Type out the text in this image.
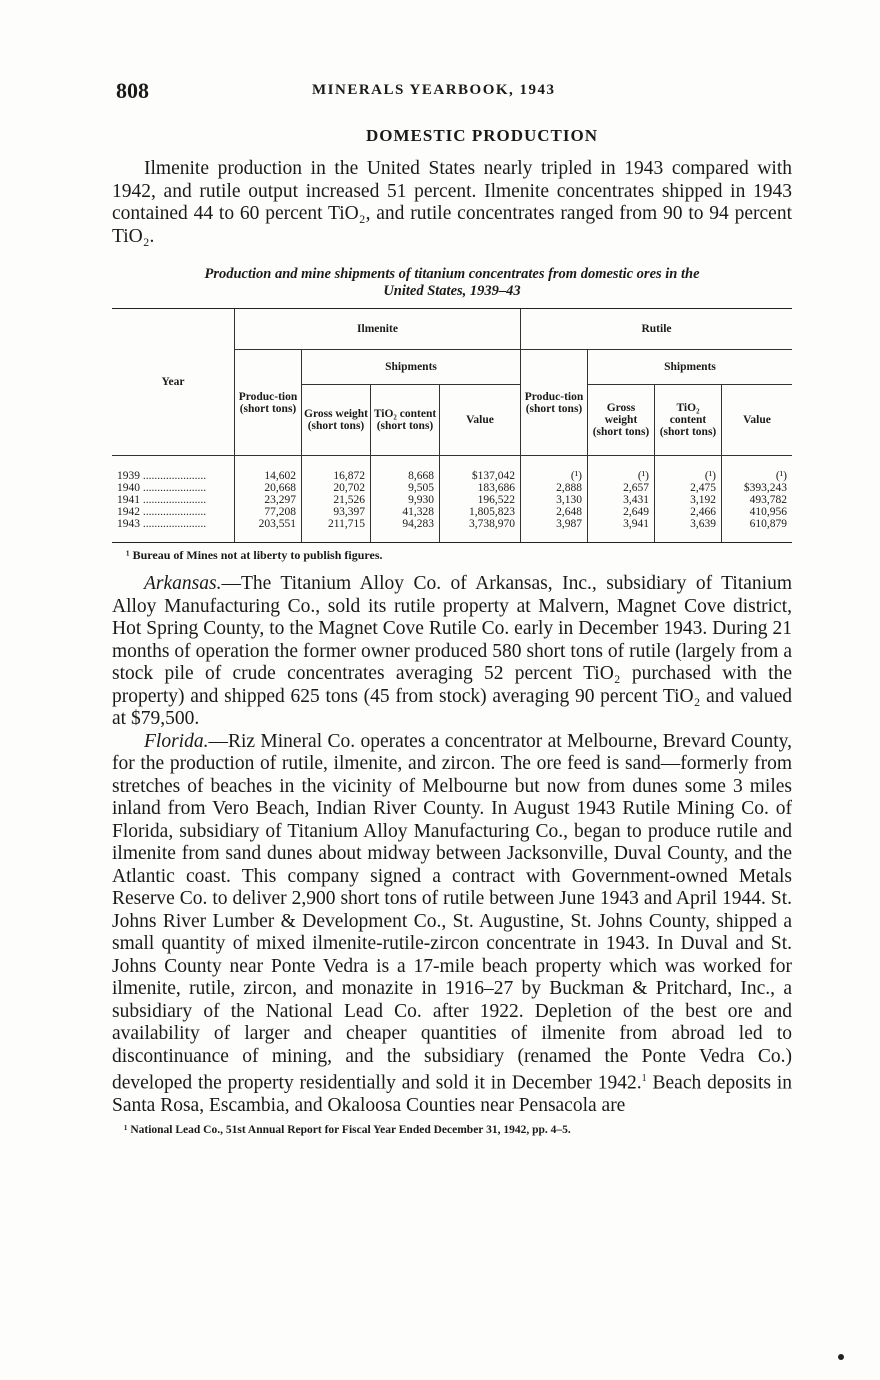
808	MINERALS YEARBOOK, 1943
DOMESTIC PRODUCTION

Ilmenite production in the United States nearly tripled in 1943 compared with 1942, and rutile output increased 51 percent. Ilmenite concentrates shipped in 1943 contained 44 to 60 percent TiO₂, and rutile concentrates ranged from 90 to 94 percent TiO₂.

Production and mine shipments of titanium concentrates from domestic ores in the
United States, 1939–43
Year	Ilmenite				Rutile			
	Produc-tion (short tons)	Shipments			Produc-tion (short tons)	Shipments		
		Gross weight (short tons)	TiO₂ content (short tons)	Value		Gross weight (short tons)	TiO₂ content (short tons)	Value
1939 ......................	14,602	16,872	8,668	$137,042	(¹)	(¹)	(¹)	(¹)
1940 ......................	20,668	20,702	9,505	183,686	2,888	2,657	2,475	$393,243
1941 ......................	23,297	21,526	9,930	196,522	3,130	3,431	3,192	493,782
1942 ......................	77,208	93,397	41,328	1,805,823	2,648	2,649	2,466	410,956
1943 ......................	203,551	211,715	94,283	3,738,970	3,987	3,941	3,639	610,879
¹ Bureau of Mines not at liberty to publish figures.

Arkansas.—The Titanium Alloy Co. of Arkansas, Inc., subsidiary of Titanium Alloy Manufacturing Co., sold its rutile property at Malvern, Magnet Cove district, Hot Spring County, to the Magnet Cove Rutile Co. early in December 1943. During 21 months of operation the former owner produced 580 short tons of rutile (largely from a stock pile of crude concentrates averaging 52 percent TiO₂ purchased with the property) and shipped 625 tons (45 from stock) averaging 90 percent TiO₂ and valued at $79,500.

Florida.—Riz Mineral Co. operates a concentrator at Melbourne, Brevard County, for the production of rutile, ilmenite, and zircon. The ore feed is sand—formerly from stretches of beaches in the vicinity of Melbourne but now from dunes some 3 miles inland from Vero Beach, Indian River County. In August 1943 Rutile Mining Co. of Florida, subsidiary of Titanium Alloy Manufacturing Co., began to produce rutile and ilmenite from sand dunes about midway between Jacksonville, Duval County, and the Atlantic coast. This company signed a contract with Government-owned Metals Reserve Co. to deliver 2,900 short tons of rutile between June 1943 and April 1944. St. Johns River Lumber & Development Co., St. Augustine, St. Johns County, shipped a small quantity of mixed ilmenite-rutile-zircon concentrate in 1943. In Duval and St. Johns County near Ponte Vedra is a 17-mile beach property which was worked for ilmenite, rutile, zircon, and monazite in 1916–27 by Buckman & Pritchard, Inc., a subsidiary of the National Lead Co. after 1922. Depletion of the best ore and availability of larger and cheaper quantities of ilmenite from abroad led to discontinuance of mining, and the subsidiary (renamed the Ponte Vedra Co.) developed the property residentially and sold it in December 1942.$^1$ Beach deposits in Santa Rosa, Escambia, and Okaloosa Counties near Pensacola are

¹ National Lead Co., 51st Annual Report for Fiscal Year Ended December 31, 1942, pp. 4–5.
